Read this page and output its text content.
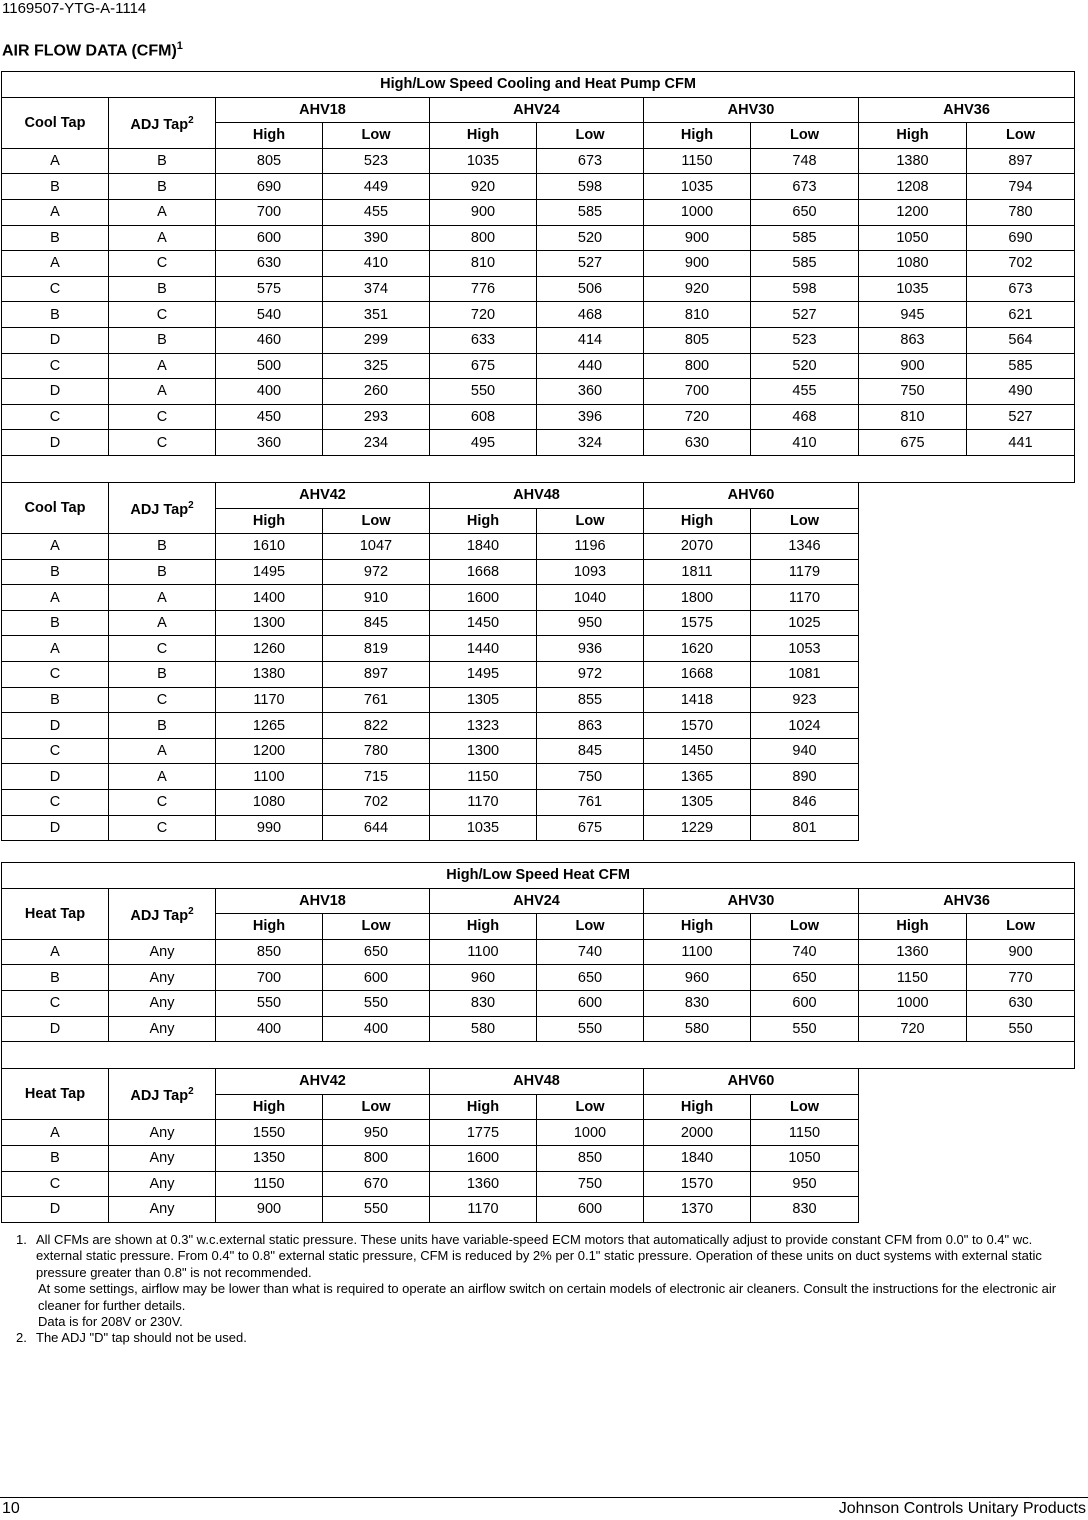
1169507-YTG-A-1114
AIR FLOW DATA (CFM)$^1$
High/Low Speed Cooling and Heat Pump CFM									
Cool Tap	ADJ Tap$^2$	AHV18		AHV24		AHV30		AHV36	
		High	Low	High	Low	High	Low	High	Low
A	B	805	523	1035	673	1150	748	1380	897
B	B	690	449	920	598	1035	673	1208	794
A	A	700	455	900	585	1000	650	1200	780
B	A	600	390	800	520	900	585	1050	690
A	C	630	410	810	527	900	585	1080	702
C	B	575	374	776	506	920	598	1035	673
B	C	540	351	720	468	810	527	945	621
D	B	460	299	633	414	805	523	863	564
C	A	500	325	675	440	800	520	900	585
D	A	400	260	550	360	700	455	750	490
C	C	450	293	608	396	720	468	810	527
D	C	360	234	495	324	630	410	675	441

Cool Tap	ADJ Tap$^2$	AHV42		AHV48		AHV60			
		High	Low	High	Low	High	Low		
A	B	1610	1047	1840	1196	2070	1346		
B	B	1495	972	1668	1093	1811	1179		
A	A	1400	910	1600	1040	1800	1170		
B	A	1300	845	1450	950	1575	1025		
A	C	1260	819	1440	936	1620	1053		
C	B	1380	897	1495	972	1668	1081		
B	C	1170	761	1305	855	1418	923		
D	B	1265	822	1323	863	1570	1024		
C	A	1200	780	1300	845	1450	940		
D	A	1100	715	1150	750	1365	890		
C	C	1080	702	1170	761	1305	846		
D	C	990	644	1035	675	1229	801		
High/Low Speed Heat CFM									
Heat Tap	ADJ Tap$^2$	AHV18		AHV24		AHV30		AHV36	
		High	Low	High	Low	High	Low	High	Low
A	Any	850	650	1100	740	1100	740	1360	900
B	Any	700	600	960	650	960	650	1150	770
C	Any	550	550	830	600	830	600	1000	630
D	Any	400	400	580	550	580	550	720	550

Heat Tap	ADJ Tap$^2$	AHV42		AHV48		AHV60			
		High	Low	High	Low	High	Low		
A	Any	1550	950	1775	1000	2000	1150		
B	Any	1350	800	1600	850	1840	1050		
C	Any	1150	670	1360	750	1570	950		
D	Any	900	550	1170	600	1370	830		
1. All CFMs are shown at 0.3" w.c.external static pressure. These units have variable-speed ECM motors that automatically adjust to provide constant CFM from 0.0" to 0.4" wc. external static pressure. From 0.4" to 0.8" external static pressure, CFM is reduced by 2% per 0.1" static pressure. Operation of these units on duct systems with external static pressure greater than 0.8" is not recommended.
At some settings, airflow may be lower than what is required to operate an airflow switch on certain models of electronic air cleaners. Consult the instructions for the electronic air cleaner for further details.
Data is for 208V or 230V.
2. The ADJ "D" tap should not be used.
10	Johnson Controls Unitary Products
